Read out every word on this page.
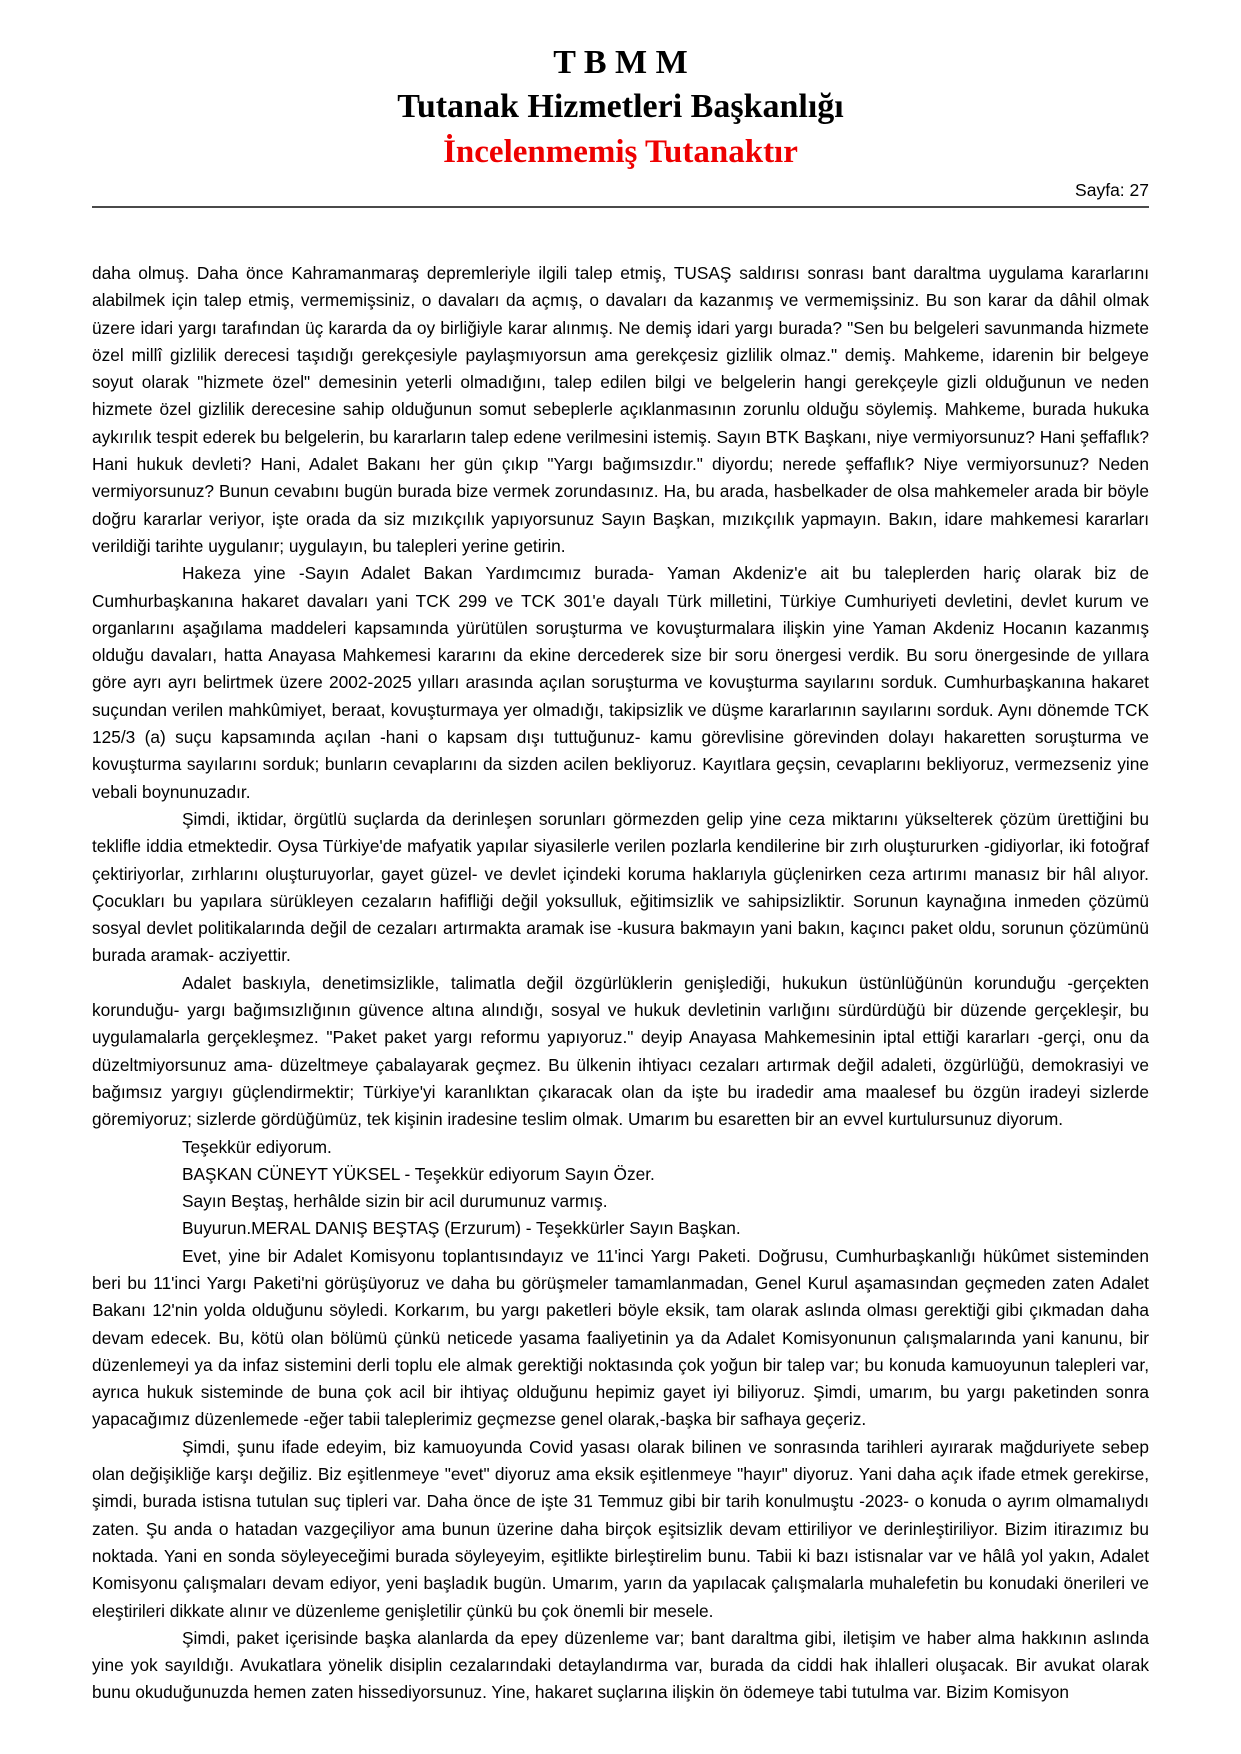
T B M M
Tutanak Hizmetleri Başkanlığı
İncelenmemiş Tutanaktır
Sayfa: 27

daha olmuş. Daha önce Kahramanmaraş depremleriyle ilgili talep etmiş, TUSAŞ saldırısı sonrası bant daraltma uygulama kararlarını alabilmek için talep etmiş, vermemişsiniz, o davaları da açmış, o davaları da kazanmış ve vermemişsiniz. Bu son karar da dâhil olmak üzere idari yargı tarafından üç kararda da oy birliğiyle karar alınmış. Ne demiş idari yargı burada? "Sen bu belgeleri savunmanda hizmete özel millî gizlilik derecesi taşıdığı gerekçesiyle paylaşmıyorsun ama gerekçesiz gizlilik olmaz." demiş. Mahkeme, idarenin bir belgeye soyut olarak "hizmete özel" demesinin yeterli olmadığını, talep edilen bilgi ve belgelerin hangi gerekçeyle gizli olduğunun ve neden hizmete özel gizlilik derecesine sahip olduğunun somut sebeplerle açıklanmasının zorunlu olduğu söylemiş. Mahkeme, burada hukuka aykırılık tespit ederek bu belgelerin, bu kararların talep edene verilmesini istemiş. Sayın BTK Başkanı, niye vermiyorsunuz? Hani şeffaflık? Hani hukuk devleti? Hani, Adalet Bakanı her gün çıkıp "Yargı bağımsızdır." diyordu; nerede şeffaflık? Niye vermiyorsunuz? Neden vermiyorsunuz? Bunun cevabını bugün burada bize vermek zorundasınız. Ha, bu arada, hasbelkader de olsa mahkemeler arada bir böyle doğru kararlar veriyor, işte orada da siz mızıkçılık yapıyorsunuz Sayın Başkan, mızıkçılık yapmayın. Bakın, idare mahkemesi kararları verildiği tarihte uygulanır; uygulayın, bu talepleri yerine getirin.

Hakeza yine -Sayın Adalet Bakan Yardımcımız burada- Yaman Akdeniz'e ait bu taleplerden hariç olarak biz de Cumhurbaşkanına hakaret davaları yani TCK 299 ve TCK 301'e dayalı Türk milletini, Türkiye Cumhuriyeti devletini, devlet kurum ve organlarını aşağılama maddeleri kapsamında yürütülen soruşturma ve kovuşturmalara ilişkin yine Yaman Akdeniz Hocanın kazanmış olduğu davaları, hatta Anayasa Mahkemesi kararını da ekine dercederek size bir soru önergesi verdik. Bu soru önergesinde de yıllara göre ayrı ayrı belirtmek üzere 2002-2025 yılları arasında açılan soruşturma ve kovuşturma sayılarını sorduk. Cumhurbaşkanına hakaret suçundan verilen mahkûmiyet, beraat, kovuşturmaya yer olmadığı, takipsizlik ve düşme kararlarının sayılarını sorduk. Aynı dönemde TCK 125/3 (a) suçu kapsamında açılan -hani o kapsam dışı tuttuğunuz- kamu görevlisine görevinden dolayı hakaretten soruşturma ve kovuşturma sayılarını sorduk; bunların cevaplarını da sizden acilen bekliyoruz. Kayıtlara geçsin, cevaplarını bekliyoruz, vermezseniz yine vebali boynunuzadır.

Şimdi, iktidar, örgütlü suçlarda da derinleşen sorunları görmezden gelip yine ceza miktarını yükselterek çözüm ürettiğini bu teklifle iddia etmektedir. Oysa Türkiye'de mafyatik yapılar siyasilerle verilen pozlarla kendilerine bir zırh oluştururken -gidiyorlar, iki fotoğraf çektiriyorlar, zırhlarını oluşturuyorlar, gayet güzel- ve devlet içindeki koruma haklarıyla güçlenirken ceza artırımı manasız bir hâl alıyor. Çocukları bu yapılara sürükleyen cezaların hafifliği değil yoksulluk, eğitimsizlik ve sahipsizliktir. Sorunun kaynağına inmeden çözümü sosyal devlet politikalarında değil de cezaları artırmakta aramak ise -kusura bakmayın yani bakın, kaçıncı paket oldu, sorunun çözümünü burada aramak- acziyettir.

Adalet baskıyla, denetimsizlikle, talimatla değil özgürlüklerin genişlediği, hukukun üstünlüğünün korunduğu -gerçekten korunduğu- yargı bağımsızlığının güvence altına alındığı, sosyal ve hukuk devletinin varlığını sürdürdüğü bir düzende gerçekleşir, bu uygulamalarla gerçekleşmez. "Paket paket yargı reformu yapıyoruz." deyip Anayasa Mahkemesinin iptal ettiği kararları -gerçi, onu da düzeltmiyorsunuz ama- düzeltmeye çabalayarak geçmez. Bu ülkenin ihtiyacı cezaları artırmak değil adaleti, özgürlüğü, demokrasiyi ve bağımsız yargıyı güçlendirmektir; Türkiye'yi karanlıktan çıkaracak olan da işte bu iradedir ama maalesef bu özgün iradeyi sizlerde göremiyoruz; sizlerde gördüğümüz, tek kişinin iradesine teslim olmak. Umarım bu esaretten bir an evvel kurtulursunuz diyorum.

Teşekkür ediyorum.

BAŞKAN CÜNEYT YÜKSEL - Teşekkür ediyorum Sayın Özer.

Sayın Beştaş, herhâlde sizin bir acil durumunuz varmış.

Buyurun.MERAL DANIŞ BEŞTAŞ (Erzurum) - Teşekkürler Sayın Başkan.

Evet, yine bir Adalet Komisyonu toplantısındayız ve 11'inci Yargı Paketi. Doğrusu, Cumhurbaşkanlığı hükûmet sisteminden beri bu 11'inci Yargı Paketi'ni görüşüyoruz ve daha bu görüşmeler tamamlanmadan, Genel Kurul aşamasından geçmeden zaten Adalet Bakanı 12'nin yolda olduğunu söyledi. Korkarım, bu yargı paketleri böyle eksik, tam olarak aslında olması gerektiği gibi çıkmadan daha devam edecek. Bu, kötü olan bölümü çünkü neticede yasama faaliyetinin ya da Adalet Komisyonunun çalışmalarında yani kanunu, bir düzenlemeyi ya da infaz sistemini derli toplu ele almak gerektiği noktasında çok yoğun bir talep var; bu konuda kamuoyunun talepleri var, ayrıca hukuk sisteminde de buna çok acil bir ihtiyaç olduğunu hepimiz gayet iyi biliyoruz. Şimdi, umarım, bu yargı paketinden sonra yapacağımız düzenlemede -eğer tabii taleplerimiz geçmezse genel olarak,-başka bir safhaya geçeriz.

Şimdi, şunu ifade edeyim, biz kamuoyunda Covid yasası olarak bilinen ve sonrasında tarihleri ayırarak mağduriyete sebep olan değişikliğe karşı değiliz. Biz eşitlenmeye "evet" diyoruz ama eksik eşitlenmeye "hayır" diyoruz. Yani daha açık ifade etmek gerekirse, şimdi, burada istisna tutulan suç tipleri var. Daha önce de işte 31 Temmuz gibi bir tarih konulmuştu -2023- o konuda o ayrım olmamalıydı zaten. Şu anda o hatadan vazgeçiliyor ama bunun üzerine daha birçok eşitsizlik devam ettiriliyor ve derinleştiriliyor. Bizim itirazımız bu noktada. Yani en sonda söyleyeceğimi burada söyleyeyim, eşitlikte birleştirelim bunu. Tabii ki bazı istisnalar var ve hâlâ yol yakın, Adalet Komisyonu çalışmaları devam ediyor, yeni başladık bugün. Umarım, yarın da yapılacak çalışmalarla muhalefetin bu konudaki önerileri ve eleştirileri dikkate alınır ve düzenleme genişletilir çünkü bu çok önemli bir mesele.

Şimdi, paket içerisinde başka alanlarda da epey düzenleme var; bant daraltma gibi, iletişim ve haber alma hakkının aslında yine yok sayıldığı. Avukatlara yönelik disiplin cezalarındaki detaylandırma var, burada da ciddi hak ihlalleri oluşacak. Bir avukat olarak bunu okuduğunuzda hemen zaten hissediyorsunuz. Yine, hakaret suçlarına ilişkin ön ödemeye tabi tutulma var. Bizim Komisyon
